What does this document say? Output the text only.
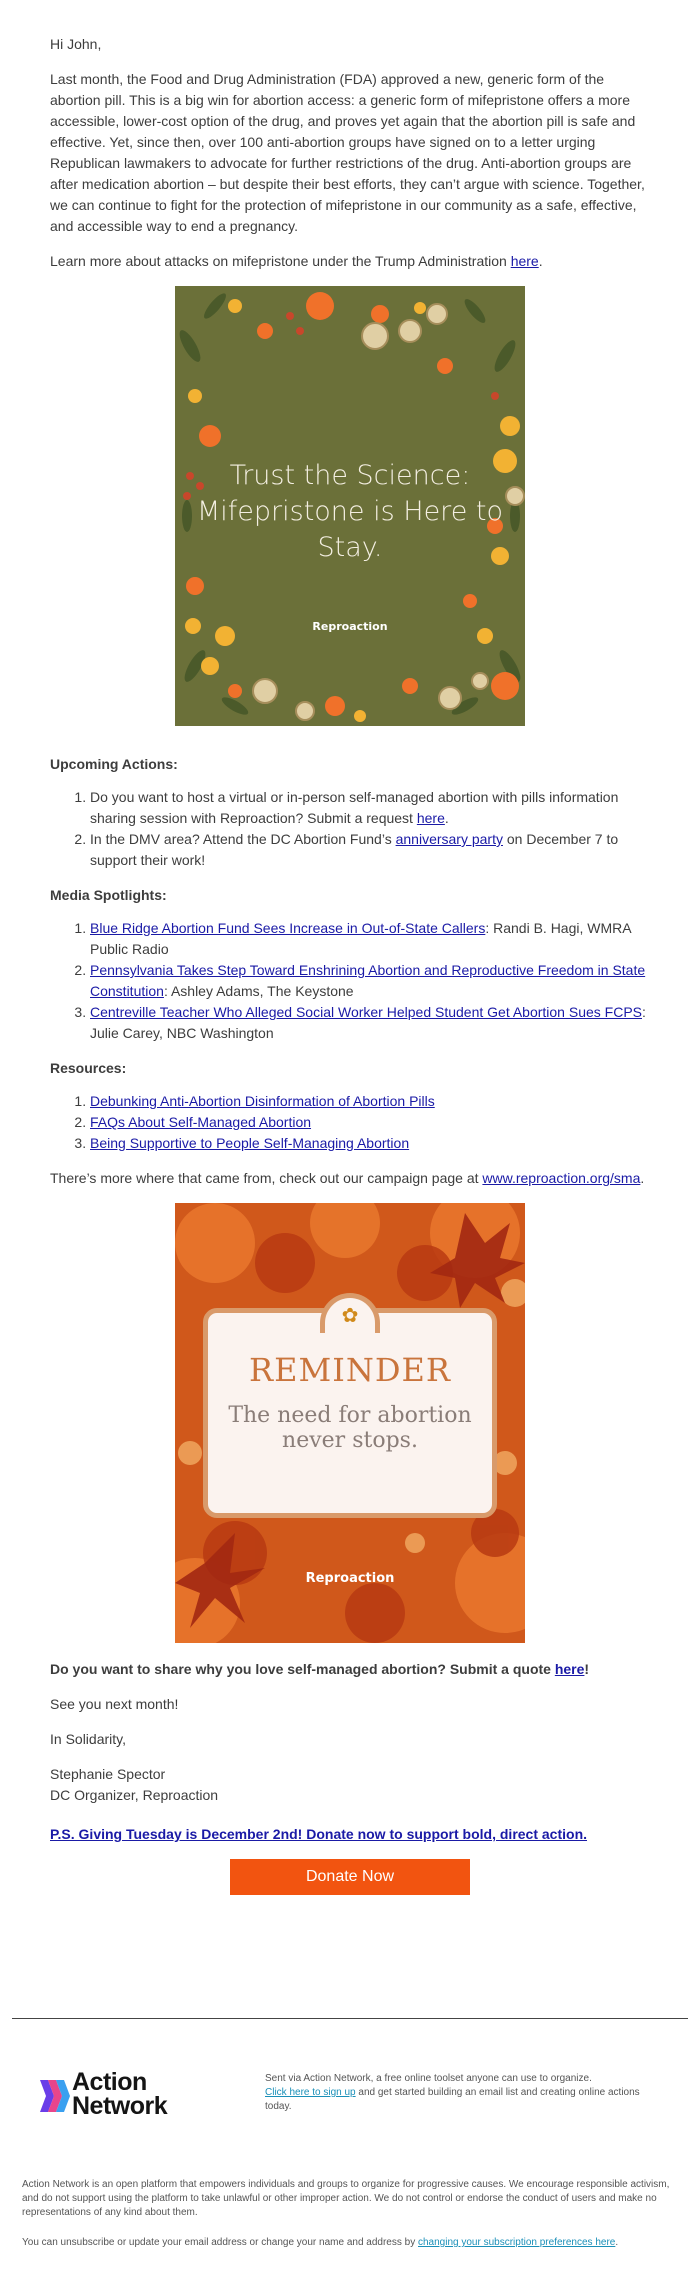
Hi John,

Last month, the Food and Drug Administration (FDA) approved a new, generic form of the abortion pill. This is a big win for abortion access: a generic form of mifepristone offers a more accessible, lower-cost option of the drug, and proves yet again that the abortion pill is safe and effective. Yet, since then, over 100 anti-abortion groups have signed on to a letter urging Republican lawmakers to advocate for further restrictions of the drug. Anti-abortion groups are after medication abortion – but despite their best efforts, they can’t argue with science. Together, we can continue to fight for the protection of mifepristone in our community as a safe, effective, and accessible way to end a pregnancy.

Learn more about attacks on mifepristone under the Trump Administration here.

Trust the Science: Mifepristone is Here to Stay.
Reproaction

Upcoming Actions:

1. Do you want to host a virtual or in-person self-managed abortion with pills information sharing session with Reproaction? Submit a request here.
2. In the DMV area? Attend the DC Abortion Fund’s anniversary party on December 7 to support their work!

Media Spotlights:

1. Blue Ridge Abortion Fund Sees Increase in Out-of-State Callers: Randi B. Hagi, WMRA Public Radio
2. Pennsylvania Takes Step Toward Enshrining Abortion and Reproductive Freedom in State Constitution: Ashley Adams, The Keystone
3. Centreville Teacher Who Alleged Social Worker Helped Student Get Abortion Sues FCPS: Julie Carey, NBC Washington

Resources:

1. Debunking Anti-Abortion Disinformation of Abortion Pills
2. FAQs About Self-Managed Abortion
3. Being Supportive to People Self-Managing Abortion

There’s more where that came from, check out our campaign page at www.reproaction.org/sma.

✿
REMINDER
The need for abortion never stops.
Reproaction

Do you want to share why you love self-managed abortion? Submit a quote here!

See you next month!

In Solidarity,

Stephanie Spector
DC Organizer, Reproaction

P.S. Giving Tuesday is December 2nd! Donate now to support bold, direct action.

Donate Now
Action
Network
Sent via Action Network, a free online toolset anyone can use to organize.
Click here to sign up and get started building an email list and creating online actions today.
Action Network is an open platform that empowers individuals and groups to organize for progressive causes. We encourage responsible activism, and do not support using the platform to take unlawful or other improper action. We do not control or endorse the conduct of users and make no representations of any kind about them.
You can unsubscribe or update your email address or change your name and address by changing your subscription preferences here.
